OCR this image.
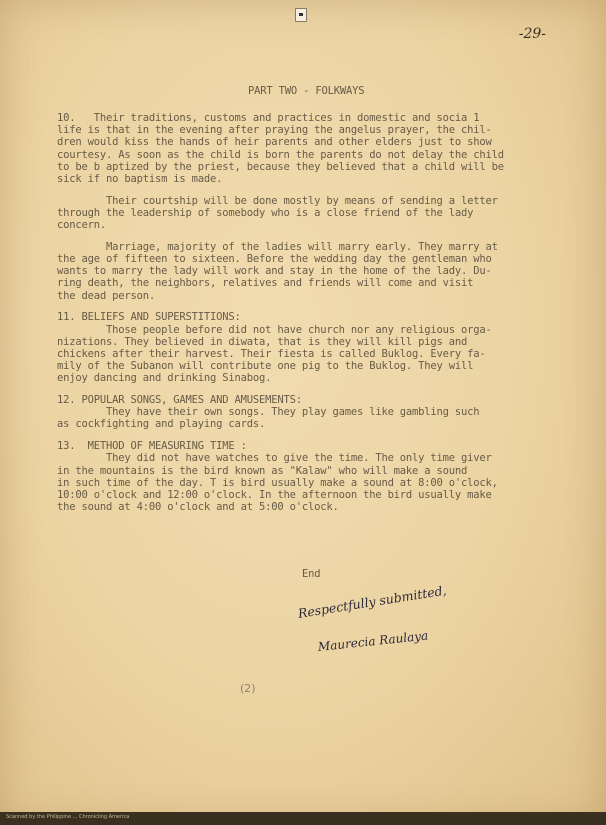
-29-
PART TWO - FOLKWAYS
10.   Their traditions, customs and practices in domestic and socia 1
life is that in the evening after praying the angelus prayer, the chil-
dren would kiss the hands of heir parents and other elders just to show
courtesy. As soon as the child is born the parents do not delay the child
to be b aptized by the priest, because they believed that a child will be
sick if no baptism is made.
Their courtship will be done mostly by means of sending a letter
through the leadership of somebody who is a close friend of the lady
concern.
Marriage, majority of the ladies will marry early. They marry at
the age of fifteen to sixteen. Before the wedding day the gentleman who
wants to marry the lady will work and stay in the home of the lady. Du-
ring death, the neighbors, relatives and friends will come and visit
the dead person.
11. BELIEFS AND SUPERSTITIONS:
Those people before did not have church nor any religious orga-
nizations. They believed in diwata, that is they will kill pigs and
chickens after their harvest. Their fiesta is called Buklog. Every fa-
mily of the Subanon will contribute one pig to the Buklog. They will
enjoy dancing and drinking Sinabog.
12. POPULAR SONGS, GAMES AND AMUSEMENTS:
They have their own songs. They play games like gambling such
as cockfighting and playing cards.
13.  METHOD OF MEASURING TIME :
They did not have watches to give the time. The only time giver
in the mountains is the bird known as "Kalaw" who will make a sound
in such time of the day. T is bird usually make a sound at 8:00 o'clock,
10:00 o'clock and 12:00 o'clock. In the afternoon the bird usually make
the sound at 4:00 o'clock and at 5:00 o'clock.
End
Respectfully submitted,
Maurecia Raulaya
(2)
Scanned by the Philippine ... Chronicling America
